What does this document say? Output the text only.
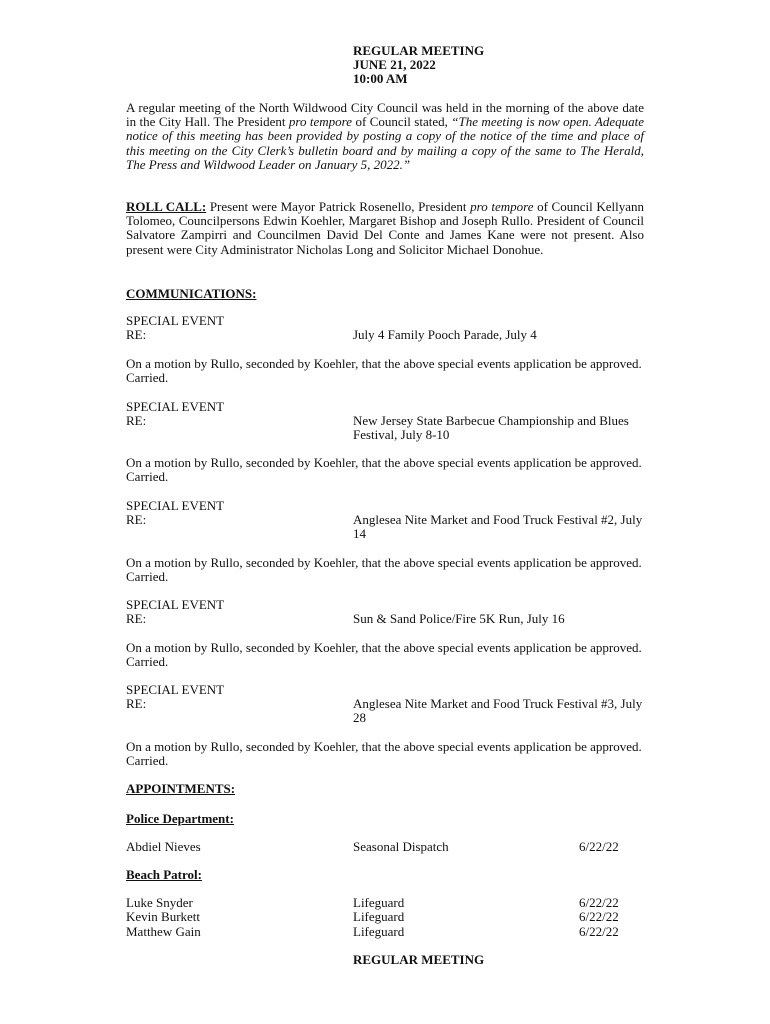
REGULAR MEETING
JUNE 21, 2022
10:00 AM
A regular meeting of the North Wildwood City Council was held in the morning of the above date in the City Hall. The President pro tempore of Council stated, “The meeting is now open. Adequate notice of this meeting has been provided by posting a copy of the notice of the time and place of this meeting on the City Clerk’s bulletin board and by mailing a copy of the same to The Herald, The Press and Wildwood Leader on January 5, 2022.”
ROLL CALL: Present were Mayor Patrick Rosenello, President pro tempore of Council Kellyann Tolomeo, Councilpersons Edwin Koehler, Margaret Bishop and Joseph Rullo. President of Council Salvatore Zampirri and Councilmen David Del Conte and James Kane were not present. Also present were City Administrator Nicholas Long and Solicitor Michael Donohue.
COMMUNICATIONS:
SPECIAL EVENT
RE:	July 4 Family Pooch Parade, July 4
On a motion by Rullo, seconded by Koehler, that the above special events application be approved. Carried.
SPECIAL EVENT
RE:	New Jersey State Barbecue Championship and Blues Festival, July 8-10
On a motion by Rullo, seconded by Koehler, that the above special events application be approved. Carried.
SPECIAL EVENT
RE:	Anglesea Nite Market and Food Truck Festival #2, July 14
On a motion by Rullo, seconded by Koehler, that the above special events application be approved. Carried.
SPECIAL EVENT
RE:	Sun & Sand Police/Fire 5K Run, July 16
On a motion by Rullo, seconded by Koehler, that the above special events application be approved. Carried.
SPECIAL EVENT
RE:	Anglesea Nite Market and Food Truck Festival #3, July 28
On a motion by Rullo, seconded by Koehler, that the above special events application be approved. Carried.
APPOINTMENTS:
Police Department:
Abdiel Nieves	Seasonal Dispatch	6/22/22
Beach Patrol:
Luke Snyder	Lifeguard	6/22/22
Kevin Burkett	Lifeguard	6/22/22
Matthew Gain	Lifeguard	6/22/22
REGULAR MEETING
